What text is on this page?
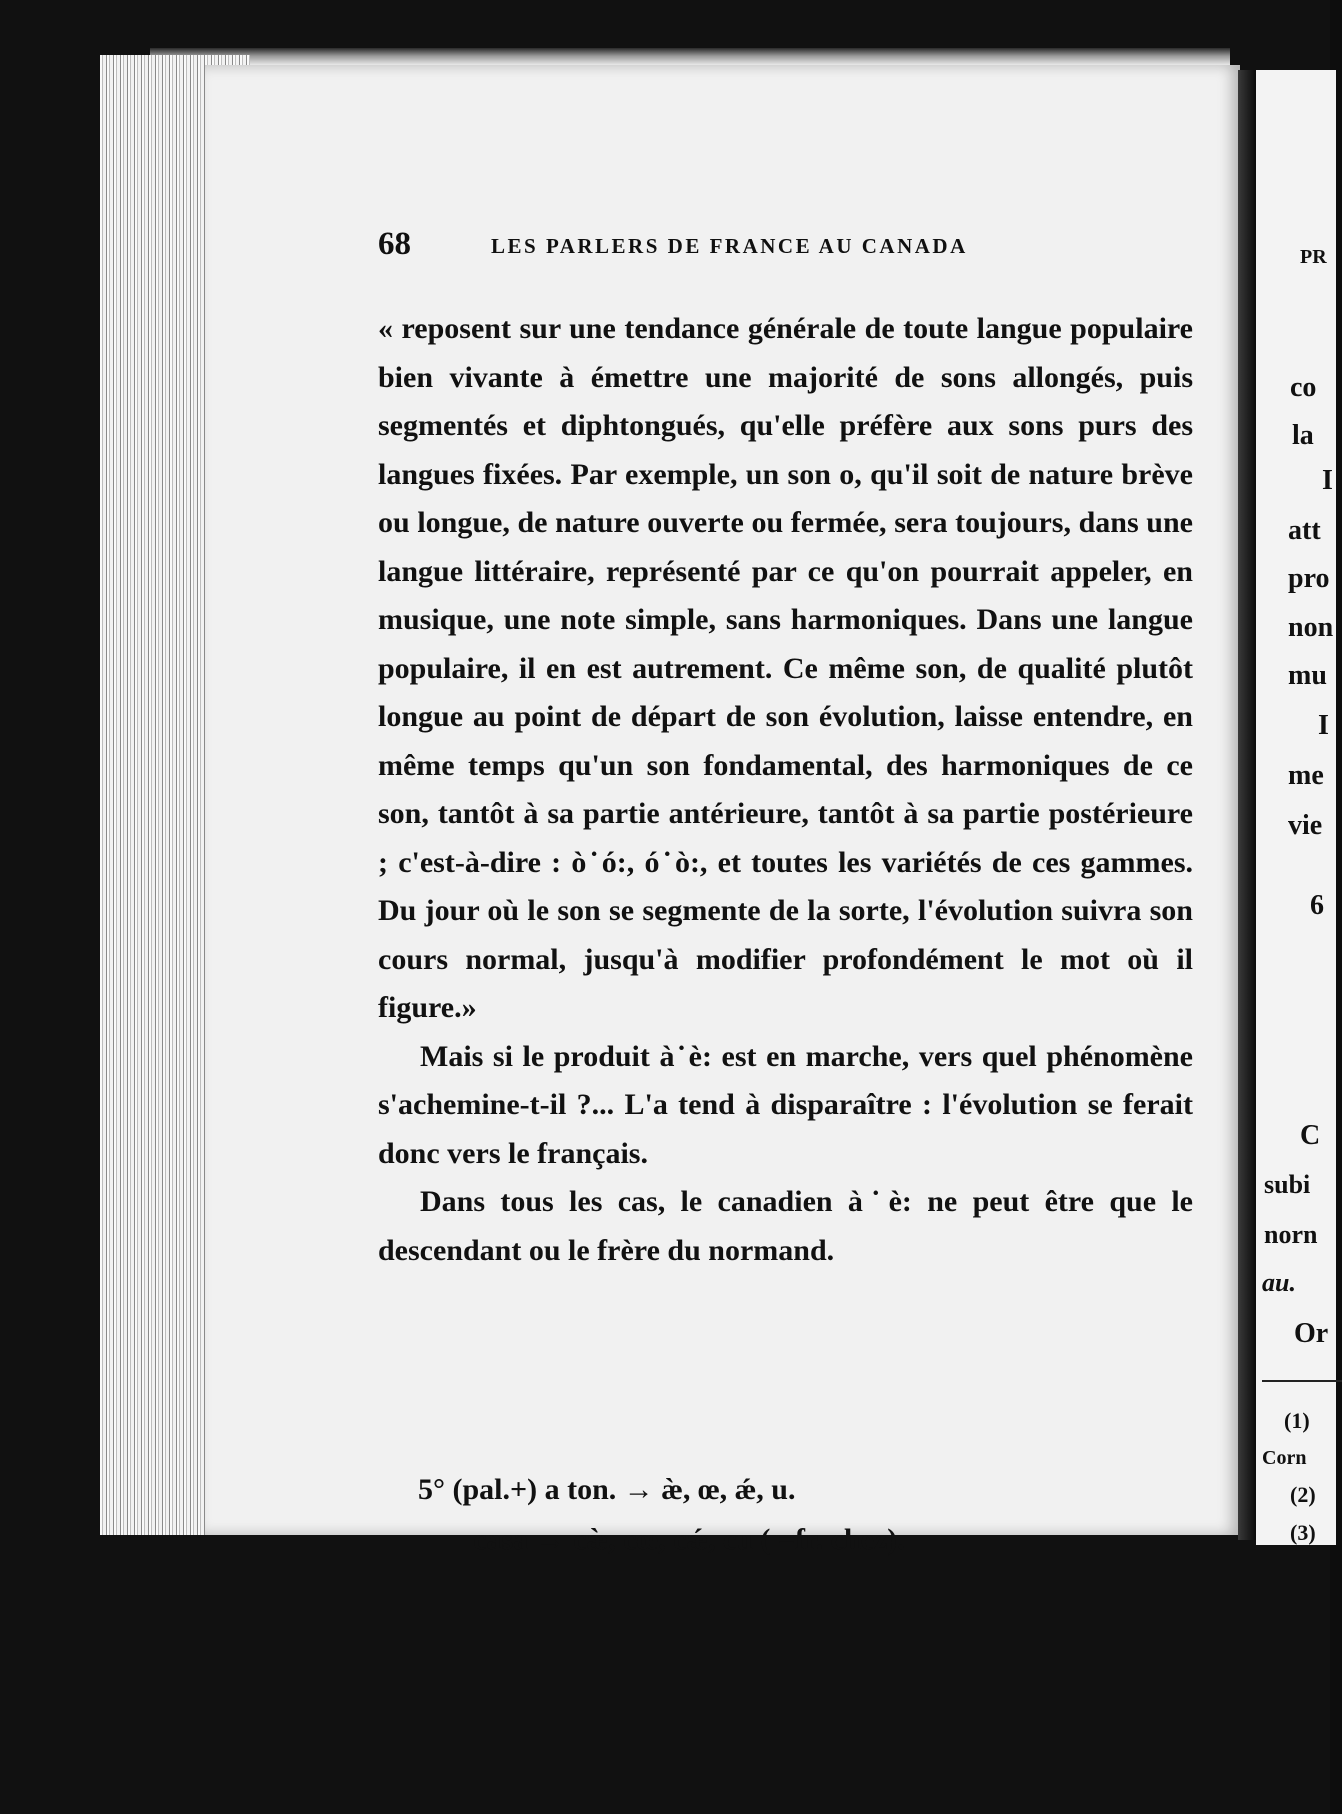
68	LES PARLERS DE FRANCE AU CANADA

« reposent sur une tendance générale de toute langue populaire bien vivante à émettre une majorité de sons allongés, puis segmentés et diphtongués, qu'elle préfère aux sons purs des langues fixées. Par exemple, un son o, qu'il soit de nature brève ou longue, de nature ouverte ou fermée, sera toujours, dans une langue littéraire, représenté par ce qu'on pourrait appeler, en musique, une note simple, sans harmoniques. Dans une langue populaire, il en est autrement. Ce même son, de qualité plutôt longue au point de départ de son évolution, laisse entendre, en même temps qu'un son fondamental, des harmoniques de ce son, tantôt à sa partie antérieure, tantôt à sa partie postérieure ; c'est-à-dire : ò˙ó:, ó˙ò:, et toutes les variétés de ces gammes. Du jour où le son se segmente de la sorte, l'évolution suivra son cours normal, jusqu'à modifier profondément le mot où il figure.»

Mais si le produit à˙è: est en marche, vers quel phénomène s'achemine-t-il ?... L'a tend à disparaître : l'évolution se ferait donc vers le français.

Dans tous les cas, le canadien à˙è: ne peut être que le descendant ou le frère du normand.

5° (pal.+) a ton. → æ̀, œ, ǽ, u.
casa → cæ̀, cœ, cǽ, cu ( =fr. chez).
PR
co
la
I
att
pro
non
mu
I
me
vie
6
C
subi
norn
au.
Or
(1)
Corn
(2)
(3)
